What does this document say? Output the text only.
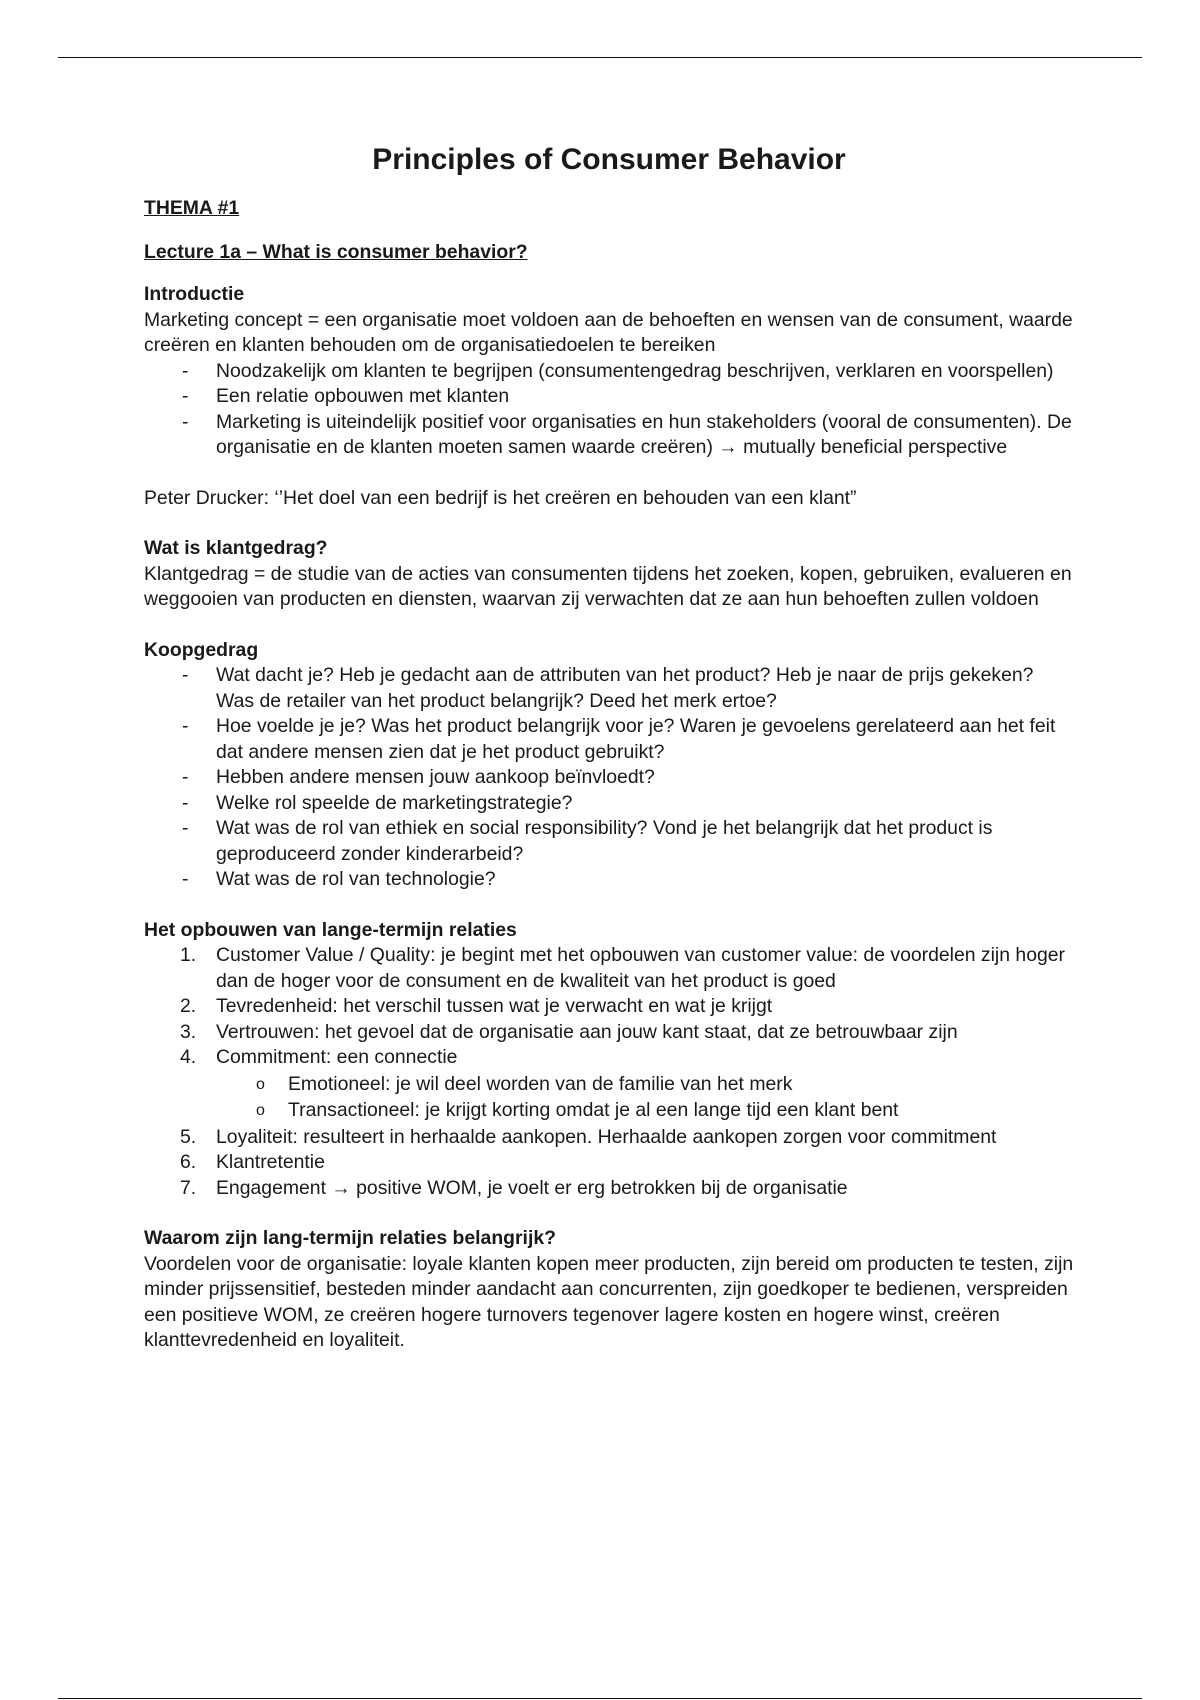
Principles of Consumer Behavior
THEMA #1
Lecture 1a – What is consumer behavior?
Introductie

Marketing concept = een organisatie moet voldoen aan de behoeften en wensen van de consument, waarde creëren en klanten behouden om de organisatiedoelen te bereiken

- Noodzakelijk om klanten te begrijpen (consumentengedrag beschrijven, verklaren en voorspellen)
- Een relatie opbouwen met klanten
- Marketing is uiteindelijk positief voor organisaties en hun stakeholders (vooral de consumenten). De organisatie en de klanten moeten samen waarde creëren) → mutually beneficial perspective

Peter Drucker: ‘’Het doel van een bedrijf is het creëren en behouden van een klant”

Wat is klantgedrag?

Klantgedrag = de studie van de acties van consumenten tijdens het zoeken, kopen, gebruiken, evalueren en weggooien van producten en diensten, waarvan zij verwachten dat ze aan hun behoeften zullen voldoen

Koopgedrag
- Wat dacht je? Heb je gedacht aan de attributen van het product? Heb je naar de prijs gekeken? Was de retailer van het product belangrijk? Deed het merk ertoe?
- Hoe voelde je je? Was het product belangrijk voor je? Waren je gevoelens gerelateerd aan het feit dat andere mensen zien dat je het product gebruikt?
- Hebben andere mensen jouw aankoop beïnvloedt?
- Welke rol speelde de marketingstrategie?
- Wat was de rol van ethiek en social responsibility? Vond je het belangrijk dat het product is geproduceerd zonder kinderarbeid?
- Wat was de rol van technologie?
Het opbouwen van lange-termijn relaties
1. Customer Value / Quality: je begint met het opbouwen van customer value: de voordelen zijn hoger dan de hoger voor de consument en de kwaliteit van het product is goed
2. Tevredenheid: het verschil tussen wat je verwacht en wat je krijgt
3. Vertrouwen: het gevoel dat de organisatie aan jouw kant staat, dat ze betrouwbaar zijn
4. Commitment: een connectie
o Emotioneel: je wil deel worden van de familie van het merk
o Transactioneel: je krijgt korting omdat je al een lange tijd een klant bent
5. Loyaliteit: resulteert in herhaalde aankopen. Herhaalde aankopen zorgen voor commitment
6. Klantretentie
7. Engagement → positive WOM, je voelt er erg betrokken bij de organisatie
Waarom zijn lang-termijn relaties belangrijk?

Voordelen voor de organisatie: loyale klanten kopen meer producten, zijn bereid om producten te testen, zijn minder prijssensitief, besteden minder aandacht aan concurrenten, zijn goedkoper te bedienen, verspreiden een positieve WOM, ze creëren hogere turnovers tegenover lagere kosten en hogere winst, creëren klanttevredenheid en loyaliteit.
